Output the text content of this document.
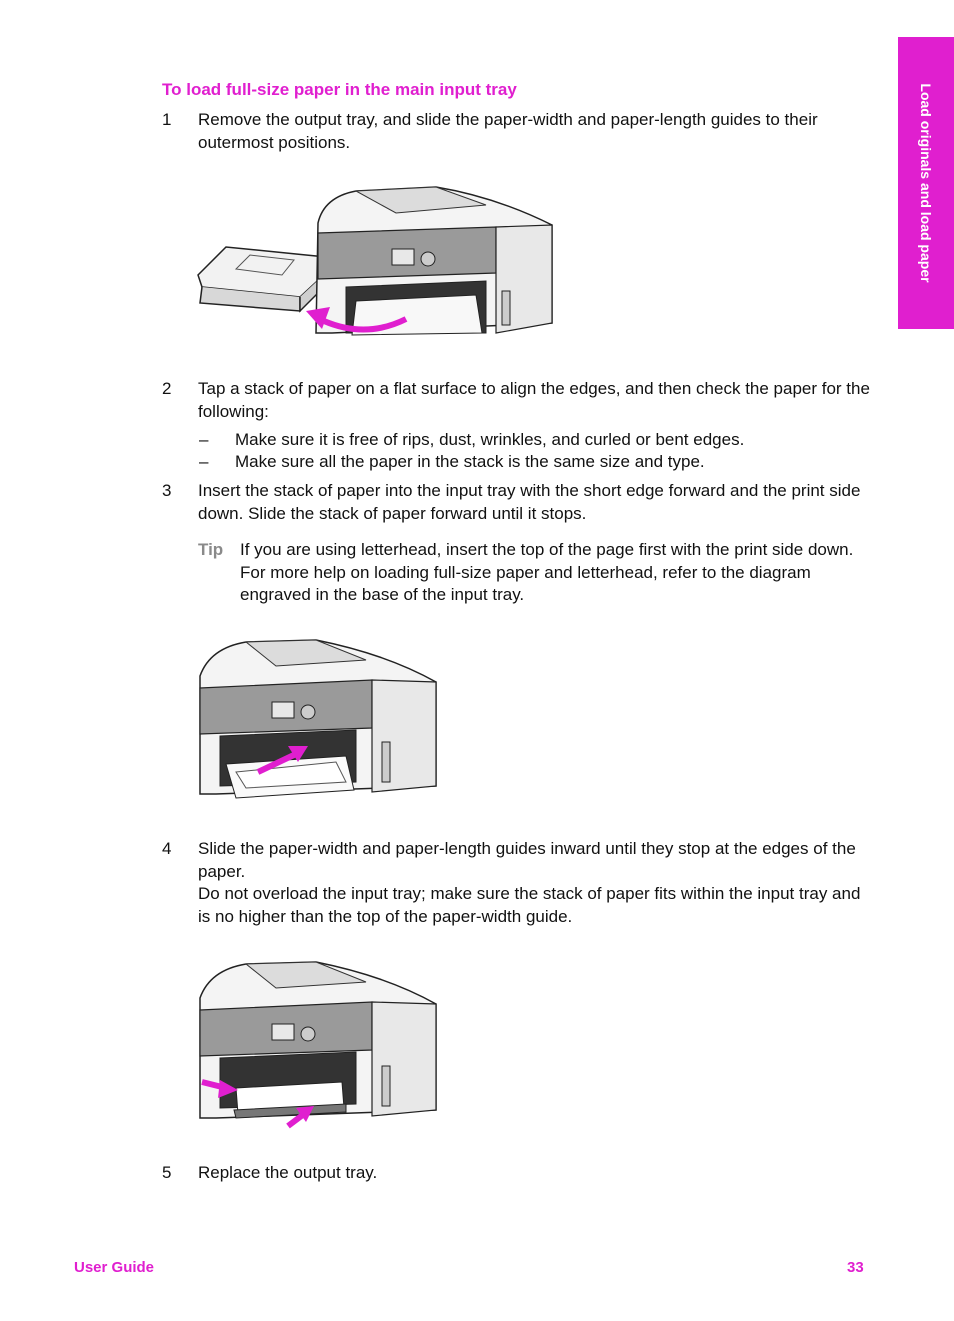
To load full-size paper in the main input tray
1 Remove the output tray, and slide the paper-width and paper-length guides to their outermost positions.
2 Tap a stack of paper on a flat surface to align the edges, and then check the paper for the following:
– Make sure it is free of rips, dust, wrinkles, and curled or bent edges.
– Make sure all the paper in the stack is the same size and type.
3 Insert the stack of paper into the input tray with the short edge forward and the print side down. Slide the stack of paper forward until it stops.
Tip If you are using letterhead, insert the top of the page first with the print side down. For more help on loading full-size paper and letterhead, refer to the diagram engraved in the base of the input tray.
4 Slide the paper-width and paper-length guides inward until they stop at the edges of the paper.
Do not overload the input tray; make sure the stack of paper fits within the input tray and is no higher than the top of the paper-width guide.
5 Replace the output tray.
Load originals and load paper
User Guide	33
